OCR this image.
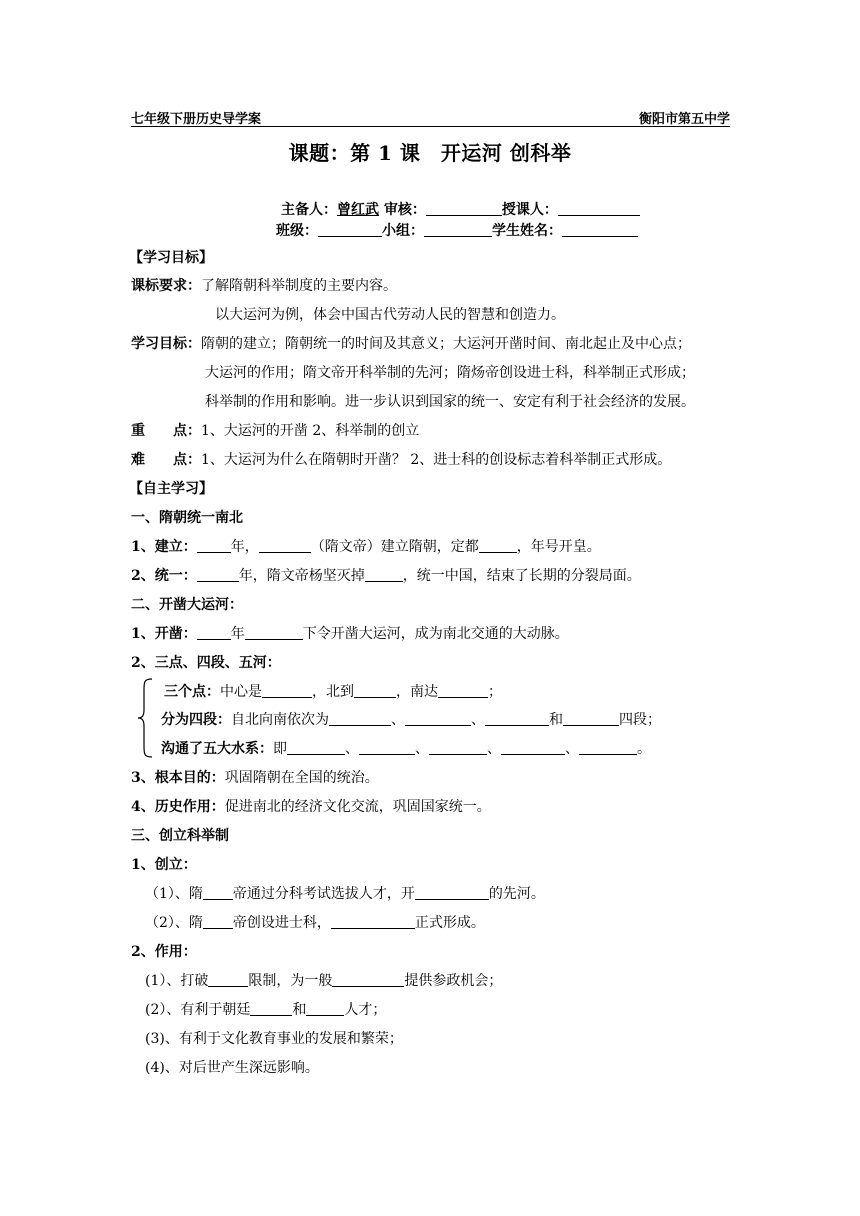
七年级下册历史导学案	衡阳市第五中学
课题：第 1 课　开运河 创科举
主备人：曾红武 审核：	授课人：
班级：	小组：	学生姓名：
【学习目标】
课标要求：了解隋朝科举制度的主要内容。
以大运河为例，体会中国古代劳动人民的智慧和创造力。
学习目标：隋朝的建立；隋朝统一的时间及其意义；大运河开凿时间、南北起止及中心点；
大运河的作用；隋文帝开科举制的先河；隋炀帝创设进士科，科举制正式形成；
科举制的作用和影响。进一步认识到国家的统一、安定有利于社会经济的发展。
重　　点：1、大运河的开凿 2、科举制的创立
难　　点：1、大运河为什么在隋朝时开凿？ 2、进士科的创设标志着科举制正式形成。
【自主学习】
一、隋朝统一南北
1、建立： 年，	（隋文帝）建立隋朝，定都	，年号开皇。
2、统一：	年，隋文帝杨坚灭掉	，统一中国，结束了长期的分裂局面。
二、开凿大运河：
1、开凿： 年	下令开凿大运河，成为南北交通的大动脉。
2、三点、四段、五河：
三个点：中心是	，北到	，南达	；
分为四段：自北向南依次为	、	、	和	四段；
沟通了五大水系：即	、	、	、	、	。
3、根本目的：巩固隋朝在全国的统治。
4、历史作用：促进南北的经济文化交流，巩固国家统一。
三、创立科举制
1、创立：
（1）、隋 帝通过分科考试选拔人才，开	的先河。
（2）、隋 帝创设进士科，	正式形成。
2、作用：
(1）、打破	限制，为一般	提供参政机会；
(2）、有利于朝廷	和	人才；
(3)、有利于文化教育事业的发展和繁荣；
(4)、对后世产生深远影响。
